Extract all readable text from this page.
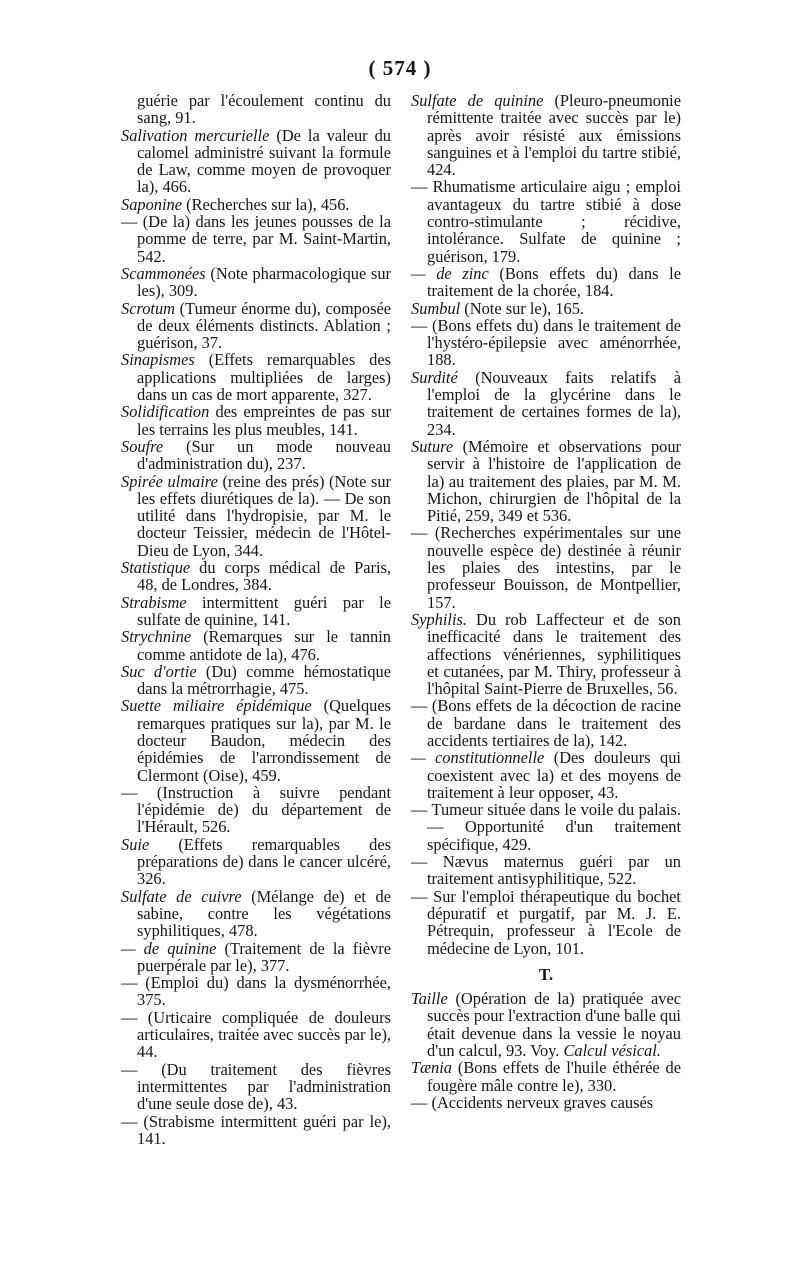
( 574 )

guérie par l'écoulement continu du sang, 91.

Salivation mercurielle (De la valeur du calomel administré suivant la formule de Law, comme moyen de provoquer la), 466.

Saponine (Recherches sur la), 456.

— (De la) dans les jeunes pousses de la pomme de terre, par M. Saint-Martin, 542.

Scammonées (Note pharmacologique sur les), 309.

Scrotum (Tumeur énorme du), composée de deux éléments distincts. Ablation ; guérison, 37.

Sinapismes (Effets remarquables des applications multipliées de larges) dans un cas de mort apparente, 327.

Solidification des empreintes de pas sur les terrains les plus meubles, 141.

Soufre (Sur un mode nouveau d'administration du), 237.

Spirée ulmaire (reine des prés) (Note sur les effets diurétiques de la). — De son utilité dans l'hydropisie, par M. le docteur Teissier, médecin de l'Hôtel-Dieu de Lyon, 344.

Statistique du corps médical de Paris, 48, de Londres, 384.

Strabisme intermittent guéri par le sulfate de quinine, 141.

Strychnine (Remarques sur le tannin comme antidote de la), 476.

Suc d'ortie (Du) comme hémostatique dans la métrorrhagie, 475.

Suette miliaire épidémique (Quelques remarques pratiques sur la), par M. le docteur Baudon, médecin des épidémies de l'arrondissement de Clermont (Oise), 459.

— (Instruction à suivre pendant l'épidémie de) du département de l'Hérault, 526.

Suie (Effets remarquables des préparations de) dans le cancer ulcéré, 326.

Sulfate de cuivre (Mélange de) et de sabine, contre les végétations syphilitiques, 478.

— de quinine (Traitement de la fièvre puerpérale par le), 377.

— (Emploi du) dans la dysménorrhée, 375.

— (Urticaire compliquée de douleurs articulaires, traitée avec succès par le), 44.

— (Du traitement des fièvres intermittentes par l'administration d'une seule dose de), 43.

— (Strabisme intermittent guéri par le), 141.

Sulfate de quinine (Pleuro-pneumonie rémittente traitée avec succès par le) après avoir résisté aux émissions sanguines et à l'emploi du tartre stibié, 424.

— Rhumatisme articulaire aigu ; emploi avantageux du tartre stibié à dose contro-stimulante ; récidive, intolérance. Sulfate de quinine ; guérison, 179.

— de zinc (Bons effets du) dans le traitement de la chorée, 184.

Sumbul (Note sur le), 165.

— (Bons effets du) dans le traitement de l'hystéro-épilepsie avec aménorrhée, 188.

Surdité (Nouveaux faits relatifs à l'emploi de la glycérine dans le traitement de certaines formes de la), 234.

Suture (Mémoire et observations pour servir à l'histoire de l'application de la) au traitement des plaies, par M. M. Michon, chirurgien de l'hôpital de la Pitié, 259, 349 et 536.

— (Recherches expérimentales sur une nouvelle espèce de) destinée à réunir les plaies des intestins, par le professeur Bouisson, de Montpellier, 157.

Syphilis. Du rob Laffecteur et de son inefficacité dans le traitement des affections vénériennes, syphilitiques et cutanées, par M. Thiry, professeur à l'hôpital Saint-Pierre de Bruxelles, 56.

— (Bons effets de la décoction de racine de bardane dans le traitement des accidents tertiaires de la), 142.

— constitutionnelle (Des douleurs qui coexistent avec la) et des moyens de traitement à leur opposer, 43.

— Tumeur située dans le voile du palais. — Opportunité d'un traitement spécifique, 429.

— Nævus maternus guéri par un traitement antisyphilitique, 522.

— Sur l'emploi thérapeutique du bochet dépuratif et purgatif, par M. J. E. Pétrequin, professeur à l'Ecole de médecine de Lyon, 101.

T.

Taille (Opération de la) pratiquée avec succès pour l'extraction d'une balle qui était devenue dans la vessie le noyau d'un calcul, 93. Voy. Calcul vésical.

Tænia (Bons effets de l'huile éthérée de fougère mâle contre le), 330.

— (Accidents nerveux graves causés
